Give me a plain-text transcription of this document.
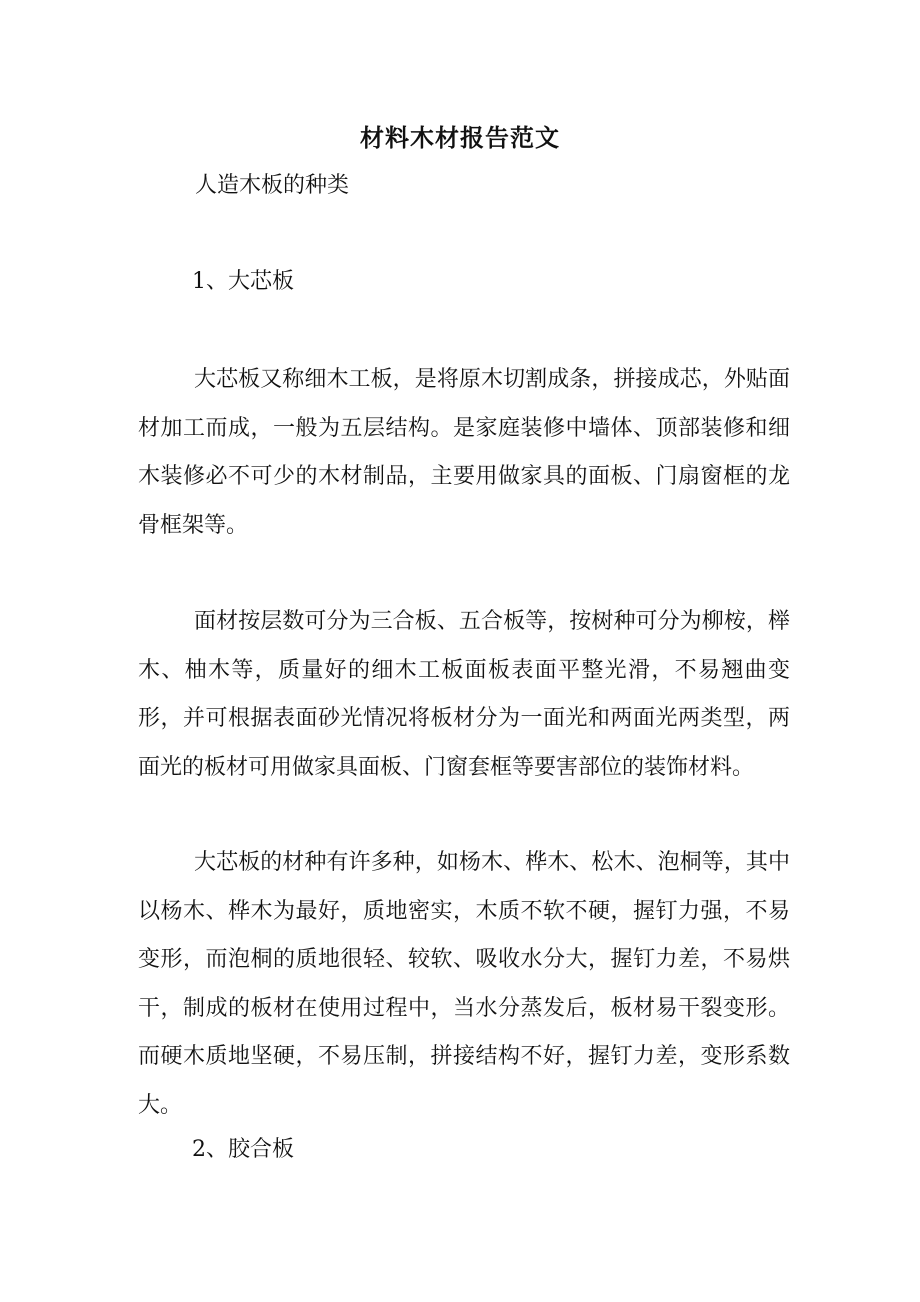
材料木材报告范文
人造木板的种类
1、大芯板

大芯板又称细木工板，是将原木切割成条，拼接成芯，外贴面材加工而成，一般为五层结构。是家庭装修中墙体、顶部装修和细木装修必不可少的木材制品，主要用做家具的面板、门扇窗框的龙骨框架等。

面材按层数可分为三合板、五合板等，按树种可分为柳桉，榉木、柚木等，质量好的细木工板面板表面平整光滑，不易翘曲变形，并可根据表面砂光情况将板材分为一面光和两面光两类型，两面光的板材可用做家具面板、门窗套框等要害部位的装饰材料。

大芯板的材种有许多种，如杨木、桦木、松木、泡桐等，其中以杨木、桦木为最好，质地密实，木质不软不硬，握钉力强，不易变形，而泡桐的质地很轻、较软、吸收水分大，握钉力差，不易烘干，制成的板材在使用过程中，当水分蒸发后，板材易干裂变形。而硬木质地坚硬，不易压制，拼接结构不好，握钉力差，变形系数大。

2、胶合板
